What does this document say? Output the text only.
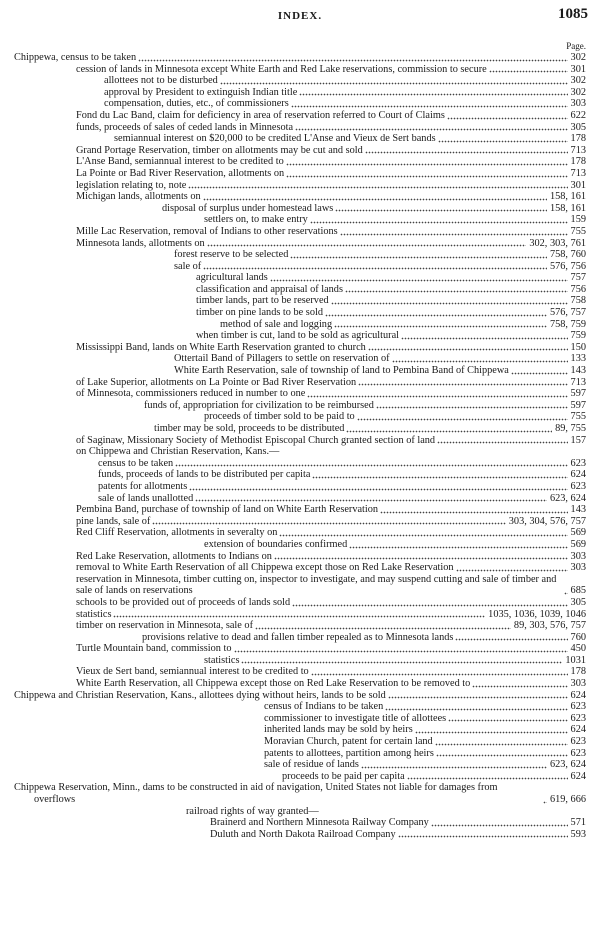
INDEX.	1085
Page.
Chippewa, census to be taken	302
cession of lands in Minnesota except White Earth and Red Lake reservations, commission to secure	301
allottees not to be disturbed	302
approval by President to extinguish Indian title	302
compensation, duties, etc., of commissioners	303
Fond du Lac Band, claim for deficiency in area of reservation referred to Court of Claims	622
funds, proceeds of sales of ceded lands in Minnesota	305
semiannual interest on $20,000 to be credited L'Anse and Vieux de Sert bands	178
Grand Portage Reservation, timber on allotments may be cut and sold	713
L'Anse Band, semiannual interest to be credited to	178
La Pointe or Bad River Reservation, allotments on	713
legislation relating to, note	301
Michigan lands, allotments on	158, 161
disposal of surplus under homestead laws	158, 161
settlers on, to make entry	159
Mille Lac Reservation, removal of Indians to other reservations	755
Minnesota lands, allotments on	302, 303, 761
forest reserve to be selected	758, 760
sale of	576, 756
agricultural lands	757
classification and appraisal of lands	756
timber lands, part to be reserved	758
timber on pine lands to be sold	576, 757
method of sale and logging	758, 759
when timber is cut, land to be sold as agricultural	759
Mississippi Band, lands on White Earth Reservation granted to church	150
Ottertail Band of Pillagers to settle on reservation of	133
White Earth Reservation, sale of township of land to Pembina Band of Chippewa	143
of Lake Superior, allotments on La Pointe or Bad River Reservation	713
of Minnesota, commissioners reduced in number to one	597
funds of, appropriation for civilization to be reimbursed	597
proceeds of timber sold to be paid to	755
timber may be sold, proceeds to be distributed	89, 755
of Saginaw, Missionary Society of Methodist Episcopal Church granted section of land	157
on Chippewa and Christian Reservation, Kans.—
census to be taken	623
funds, proceeds of lands to be distributed per capita	624
patents for allotments	623
sale of lands unallotted	623, 624
Pembina Band, purchase of township of land on White Earth Reservation	143
pine lands, sale of	303, 304, 576, 757
Red Cliff Reservation, allotments in severalty on	569
extension of boundaries confirmed	569
Red Lake Reservation, allotments to Indians on	303
removal to White Earth Reservation of all Chippewa except those on Red Lake Reservation	303
reservation in Minnesota, timber cutting on, inspector to investigate, and may suspend cutting and sale of timber and sale of lands on reservations	685
schools to be provided out of proceeds of lands sold	305
statistics	1035, 1036, 1039, 1046
timber on reservation in Minnesota, sale of	89, 303, 576, 757
provisions relative to dead and fallen timber repealed as to Minnesota lands	760
Turtle Mountain band, commission to	450
statistics	1031
Vieux de Sert band, semiannual interest to be credited to	178
White Earth Reservation, all Chippewa except those on Red Lake Reservation to be removed to	303
Chippewa and Christian Reservation, Kans., allottees dying without heirs, lands to be sold	624
census of Indians to be taken	623
commissioner to investigate title of allottees	623
inherited lands may be sold by heirs	624
Moravian Church, patent for certain land	623
patents to allottees, partition among heirs	623
sale of residue of lands	623, 624
proceeds to be paid per capita	624
Chippewa Reservation, Minn., dams to be constructed in aid of navigation, United States not liable for damages from overflows	619, 666
railroad rights of way granted—
Brainerd and Northern Minnesota Railway Company	571
Duluth and North Dakota Railroad Company	593
